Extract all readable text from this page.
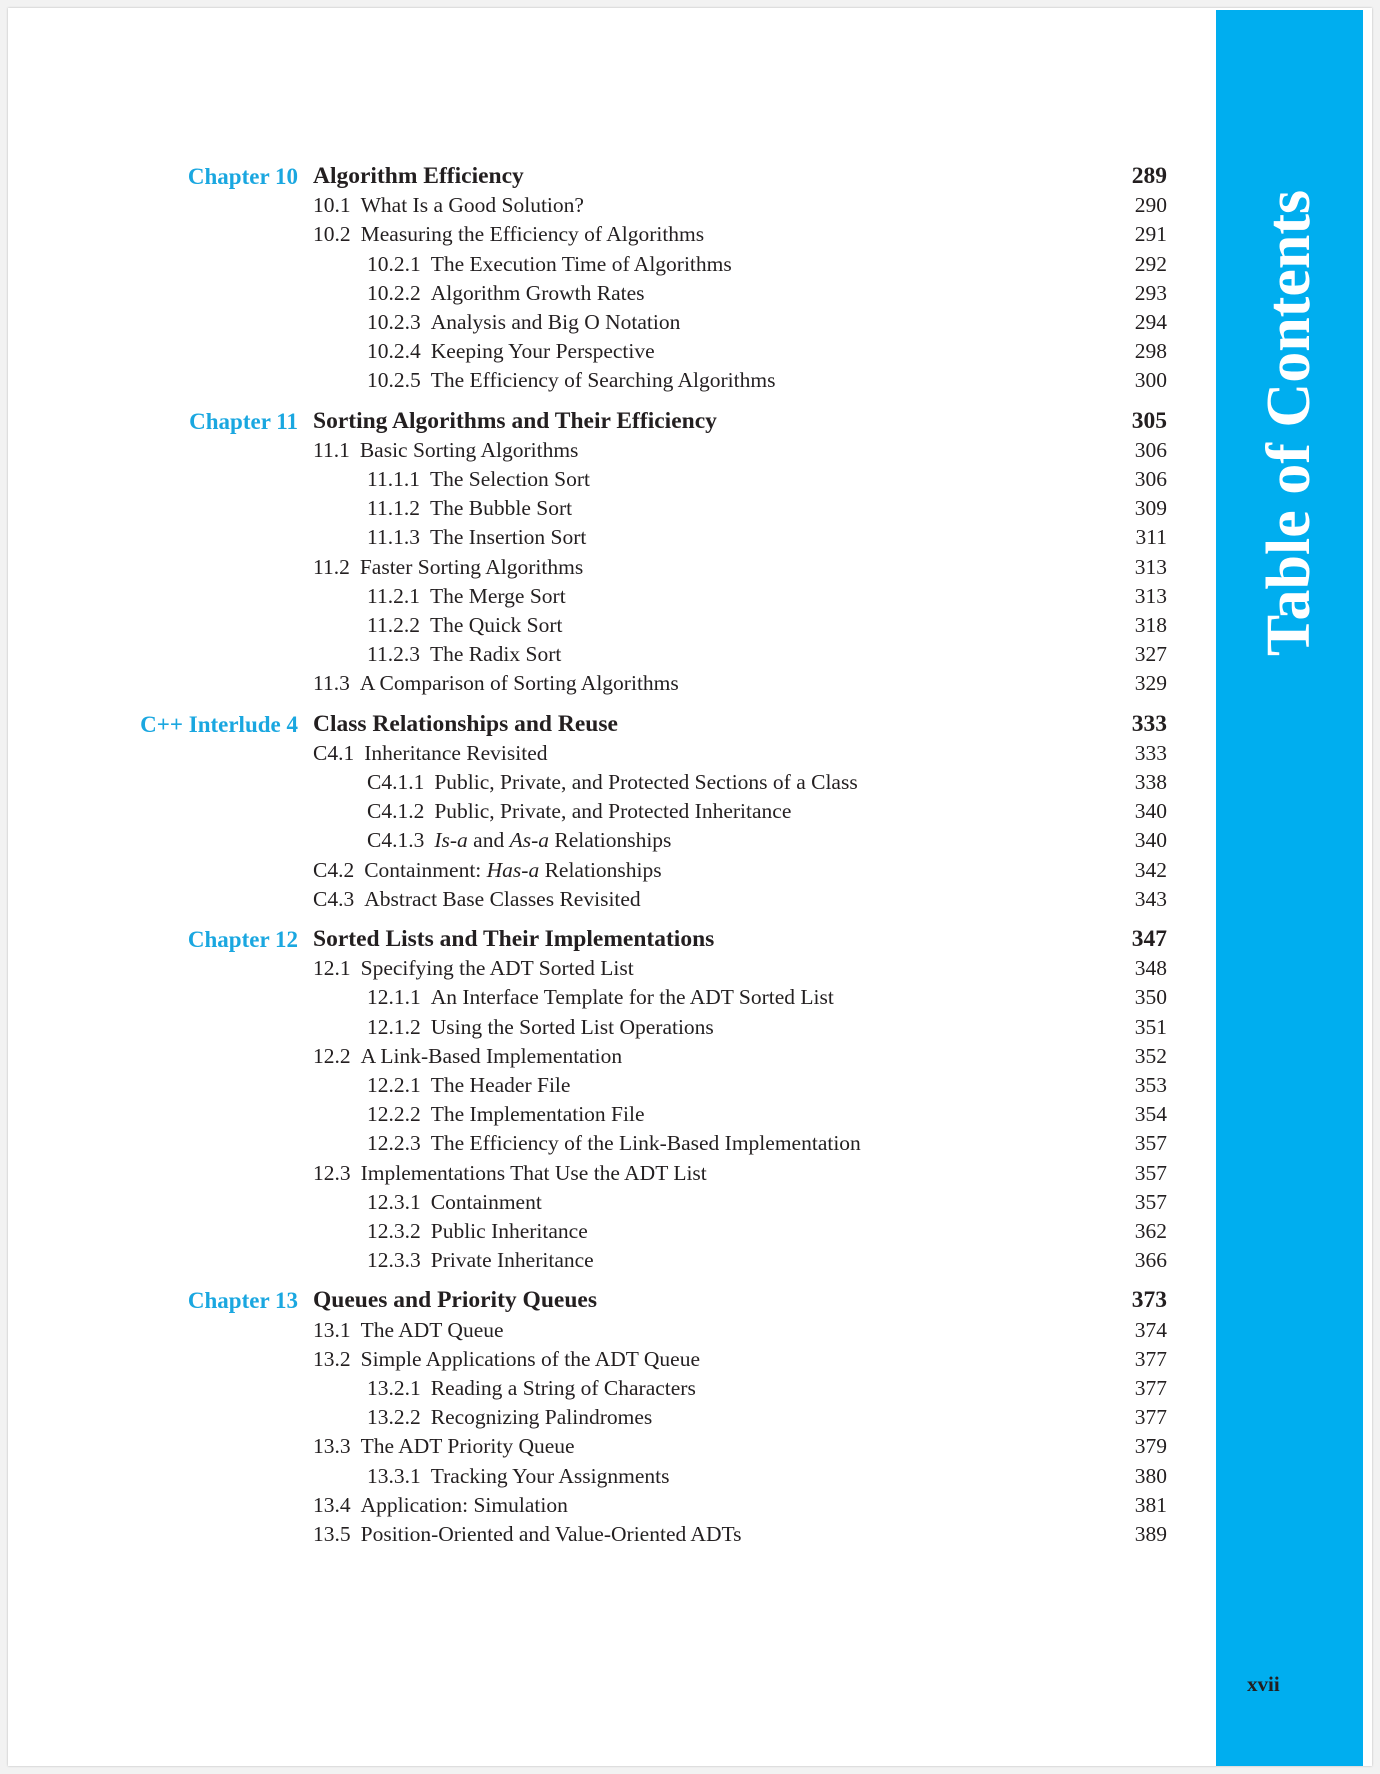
Table of Contents
xvii
Chapter 10 Algorithm Efficiency	289
10.1 What Is a Good Solution?	290
10.2 Measuring the Efficiency of Algorithms	291
10.2.1 The Execution Time of Algorithms	292
10.2.2 Algorithm Growth Rates	293
10.2.3 Analysis and Big O Notation	294
10.2.4 Keeping Your Perspective	298
10.2.5 The Efficiency of Searching Algorithms	300
Chapter 11 Sorting Algorithms and Their Efficiency	305
11.1 Basic Sorting Algorithms	306
11.1.1 The Selection Sort	306
11.1.2 The Bubble Sort	309
11.1.3 The Insertion Sort	311
11.2 Faster Sorting Algorithms	313
11.2.1 The Merge Sort	313
11.2.2 The Quick Sort	318
11.2.3 The Radix Sort	327
11.3 A Comparison of Sorting Algorithms	329
C++ Interlude 4 Class Relationships and Reuse	333
C4.1 Inheritance Revisited	333
C4.1.1 Public, Private, and Protected Sections of a Class	338
C4.1.2 Public, Private, and Protected Inheritance	340
C4.1.3 Is-a and As-a Relationships	340
C4.2 Containment: Has-a Relationships	342
C4.3 Abstract Base Classes Revisited	343
Chapter 12 Sorted Lists and Their Implementations	347
12.1 Specifying the ADT Sorted List	348
12.1.1 An Interface Template for the ADT Sorted List	350
12.1.2 Using the Sorted List Operations	351
12.2 A Link-Based Implementation	352
12.2.1 The Header File	353
12.2.2 The Implementation File	354
12.2.3 The Efficiency of the Link-Based Implementation	357
12.3 Implementations That Use the ADT List	357
12.3.1 Containment	357
12.3.2 Public Inheritance	362
12.3.3 Private Inheritance	366
Chapter 13 Queues and Priority Queues	373
13.1 The ADT Queue	374
13.2 Simple Applications of the ADT Queue	377
13.2.1 Reading a String of Characters	377
13.2.2 Recognizing Palindromes	377
13.3 The ADT Priority Queue	379
13.3.1 Tracking Your Assignments	380
13.4 Application: Simulation	381
13.5 Position-Oriented and Value-Oriented ADTs	389
